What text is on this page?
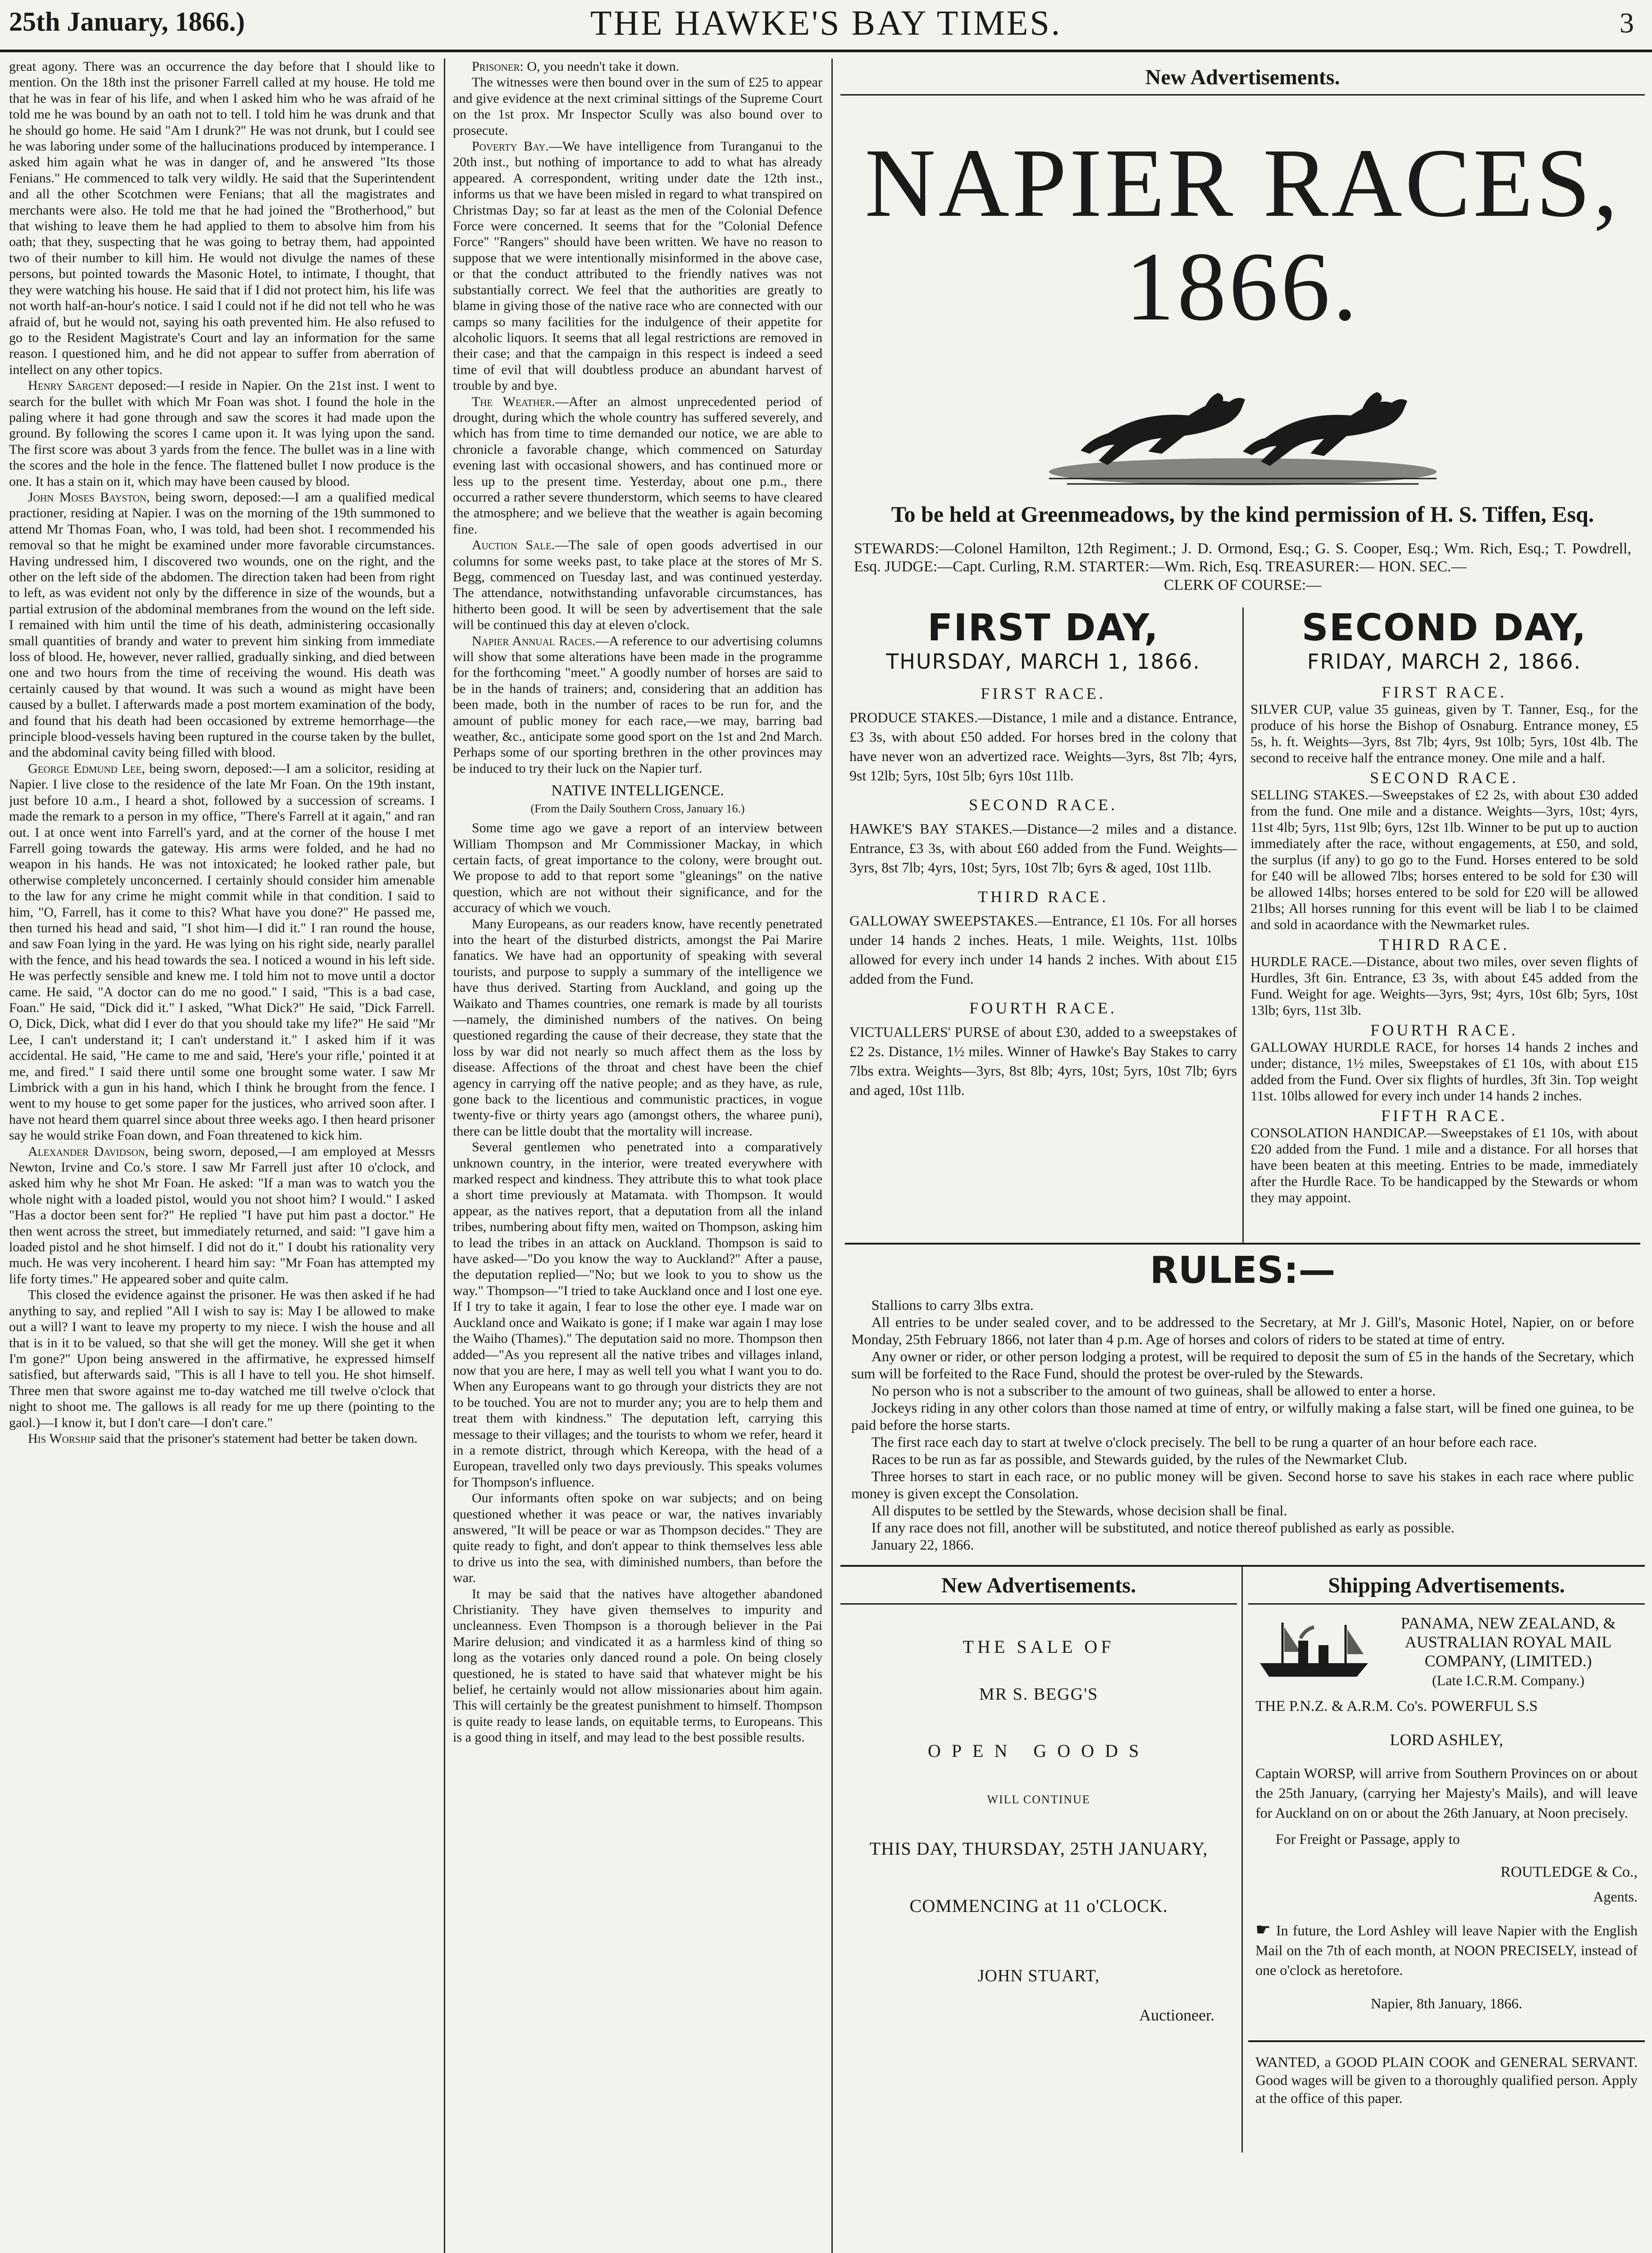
25th January, 1866.)	THE HAWKE'S BAY TIMES.	3

great agony. There was an occurrence the day before that I should like to mention. On the 18th inst the prisoner Farrell called at my house. He told me that he was in fear of his life, and when I asked him who he was afraid of he told me he was bound by an oath not to tell. I told him he was drunk and that he should go home. He said "Am I drunk?" He was not drunk, but I could see he was laboring under some of the hallucinations produced by intemperance. I asked him again what he was in danger of, and he answered "Its those Fenians." He commenced to talk very wildly. He said that the Superintendent and all the other Scotchmen were Fenians; that all the magistrates and merchants were also. He told me that he had joined the "Brotherhood," but that wishing to leave them he had applied to them to absolve him from his oath; that they, suspecting that he was going to betray them, had appointed two of their number to kill him. He would not divulge the names of these persons, but pointed towards the Masonic Hotel, to intimate, I thought, that they were watching his house. He said that if I did not protect him, his life was not worth half-an-hour's notice. I said I could not if he did not tell who he was afraid of, but he would not, saying his oath prevented him. He also refused to go to the Resident Magistrate's Court and lay an information for the same reason. I questioned him, and he did not appear to suffer from aberration of intellect on any other topics.

Henry Sargent deposed:—I reside in Napier. On the 21st inst. I went to search for the bullet with which Mr Foan was shot. I found the hole in the paling where it had gone through and saw the scores it had made upon the ground. By following the scores I came upon it. It was lying upon the sand. The first score was about 3 yards from the fence. The bullet was in a line with the scores and the hole in the fence. The flattened bullet I now produce is the one. It has a stain on it, which may have been caused by blood.

John Moses Bayston, being sworn, deposed:—I am a qualified medical practioner, residing at Napier. I was on the morning of the 19th summoned to attend Mr Thomas Foan, who, I was told, had been shot. I recommended his removal so that he might be examined under more favorable circumstances. Having undressed him, I discovered two wounds, one on the right, and the other on the left side of the abdomen. The direction taken had been from right to left, as was evident not only by the difference in size of the wounds, but a partial extrusion of the abdominal membranes from the wound on the left side. I remained with him until the time of his death, administering occasionally small quantities of brandy and water to prevent him sinking from immediate loss of blood. He, however, never rallied, gradually sinking, and died between one and two hours from the time of receiving the wound. His death was certainly caused by that wound. It was such a wound as might have been caused by a bullet. I afterwards made a post mortem examination of the body, and found that his death had been occasioned by extreme hemorrhage—the principle blood-vessels having been ruptured in the course taken by the bullet, and the abdominal cavity being filled with blood.

George Edmund Lee, being sworn, deposed:—I am a solicitor, residing at Napier. I live close to the residence of the late Mr Foan. On the 19th instant, just before 10 a.m., I heard a shot, followed by a succession of screams. I made the remark to a person in my office, "There's Farrell at it again," and ran out. I at once went into Farrell's yard, and at the corner of the house I met Farrell going towards the gateway. His arms were folded, and he had no weapon in his hands. He was not intoxicated; he looked rather pale, but otherwise completely unconcerned. I certainly should consider him amenable to the law for any crime he might commit while in that condition. I said to him, "O, Farrell, has it come to this? What have you done?" He passed me, then turned his head and said, "I shot him—I did it." I ran round the house, and saw Foan lying in the yard. He was lying on his right side, nearly parallel with the fence, and his head towards the sea. I noticed a wound in his left side. He was perfectly sensible and knew me. I told him not to move until a doctor came. He said, "A doctor can do me no good." I said, "This is a bad case, Foan." He said, "Dick did it." I asked, "What Dick?" He said, "Dick Farrell. O, Dick, Dick, what did I ever do that you should take my life?" He said "Mr Lee, I can't understand it; I can't understand it." I asked him if it was accidental. He said, "He came to me and said, 'Here's your rifle,' pointed it at me, and fired." I said there until some one brought some water. I saw Mr Limbrick with a gun in his hand, which I think he brought from the fence. I went to my house to get some paper for the justices, who arrived soon after. I have not heard them quarrel since about three weeks ago. I then heard prisoner say he would strike Foan down, and Foan threatened to kick him.

Alexander Davidson, being sworn, deposed,—I am employed at Messrs Newton, Irvine and Co.'s store. I saw Mr Farrell just after 10 o'clock, and asked him why he shot Mr Foan. He asked: "If a man was to watch you the whole night with a loaded pistol, would you not shoot him? I would." I asked "Has a doctor been sent for?" He replied "I have put him past a doctor." He then went across the street, but immediately returned, and said: "I gave him a loaded pistol and he shot himself. I did not do it." I doubt his rationality very much. He was very incoherent. I heard him say: "Mr Foan has attempted my life forty times." He appeared sober and quite calm.

This closed the evidence against the prisoner. He was then asked if he had anything to say, and replied "All I wish to say is: May I be allowed to make out a will? I want to leave my property to my niece. I wish the house and all that is in it to be valued, so that she will get the money. Will she get it when I'm gone?" Upon being answered in the affirmative, he expressed himself satisfied, but afterwards said, "This is all I have to tell you. He shot himself. Three men that swore against me to-day watched me till twelve o'clock that night to shoot me. The gallows is all ready for me up there (pointing to the gaol.)—I know it, but I don't care—I don't care."

His Worship said that the prisoner's statement had better be taken down.

Prisoner: O, you needn't take it down.

The witnesses were then bound over in the sum of £25 to appear and give evidence at the next criminal sittings of the Supreme Court on the 1st prox. Mr Inspector Scully was also bound over to prosecute.

Poverty Bay.—We have intelligence from Turanganui to the 20th inst., but nothing of importance to add to what has already appeared. A correspondent, writing under date the 12th inst., informs us that we have been misled in regard to what transpired on Christmas Day; so far at least as the men of the Colonial Defence Force were concerned. It seems that for the "Colonial Defence Force" "Rangers" should have been written. We have no reason to suppose that we were intentionally misinformed in the above case, or that the conduct attributed to the friendly natives was not substantially correct. We feel that the authorities are greatly to blame in giving those of the native race who are connected with our camps so many facilities for the indulgence of their appetite for alcoholic liquors. It seems that all legal restrictions are removed in their case; and that the campaign in this respect is indeed a seed time of evil that will doubtless produce an abundant harvest of trouble by and bye.

The Weather.—After an almost unprecedented period of drought, during which the whole country has suffered severely, and which has from time to time demanded our notice, we are able to chronicle a favorable change, which commenced on Saturday evening last with occasional showers, and has continued more or less up to the present time. Yesterday, about one p.m., there occurred a rather severe thunderstorm, which seems to have cleared the atmosphere; and we believe that the weather is again becoming fine.

Auction Sale.—The sale of open goods advertised in our columns for some weeks past, to take place at the stores of Mr S. Begg, commenced on Tuesday last, and was continued yesterday. The attendance, notwithstanding unfavorable circumstances, has hitherto been good. It will be seen by advertisement that the sale will be continued this day at eleven o'clock.

Napier Annual Races.—A reference to our advertising columns will show that some alterations have been made in the programme for the forthcoming "meet." A goodly number of horses are said to be in the hands of trainers; and, considering that an addition has been made, both in the number of races to be run for, and the amount of public money for each race,—we may, barring bad weather, &c., anticipate some good sport on the 1st and 2nd March. Perhaps some of our sporting brethren in the other provinces may be induced to try their luck on the Napier turf.

NATIVE INTELLIGENCE.
(From the Daily Southern Cross, January 16.)

Some time ago we gave a report of an interview between William Thompson and Mr Commissioner Mackay, in which certain facts, of great importance to the colony, were brought out. We propose to add to that report some "gleanings" on the native question, which are not without their significance, and for the accuracy of which we vouch.

Many Europeans, as our readers know, have recently penetrated into the heart of the disturbed districts, amongst the Pai Marire fanatics. We have had an opportunity of speaking with several tourists, and purpose to supply a summary of the intelligence we have thus derived. Starting from Auckland, and going up the Waikato and Thames countries, one remark is made by all tourists—namely, the diminished numbers of the natives. On being questioned regarding the cause of their decrease, they state that the loss by war did not nearly so much affect them as the loss by disease. Affections of the throat and chest have been the chief agency in carrying off the native people; and as they have, as rule, gone back to the licentious and communistic practices, in vogue twenty-five or thirty years ago (amongst others, the wharee puni), there can be little doubt that the mortality will increase.

Several gentlemen who penetrated into a comparatively unknown country, in the interior, were treated everywhere with marked respect and kindness. They attribute this to what took place a short time previously at Matamata. with Thompson. It would appear, as the natives report, that a deputation from all the inland tribes, numbering about fifty men, waited on Thompson, asking him to lead the tribes in an attack on Auckland. Thompson is said to have asked—"Do you know the way to Auckland?" After a pause, the deputation replied—"No; but we look to you to show us the way." Thompson—"I tried to take Auckland once and I lost one eye. If I try to take it again, I fear to lose the other eye. I made war on Auckland once and Waikato is gone; if I make war again I may lose the Waiho (Thames)." The deputation said no more. Thompson then added—"As you represent all the native tribes and villages inland, now that you are here, I may as well tell you what I want you to do. When any Europeans want to go through your districts they are not to be touched. You are not to murder any; you are to help them and treat them with kindness." The deputation left, carrying this message to their villages; and the tourists to whom we refer, heard it in a remote district, through which Kereopa, with the head of a European, travelled only two days previously. This speaks volumes for Thompson's influence.

Our informants often spoke on war subjects; and on being questioned whether it was peace or war, the natives invariably answered, "It will be peace or war as Thompson decides." They are quite ready to fight, and don't appear to think themselves less able to drive us into the sea, with diminished numbers, than before the war.

It may be said that the natives have altogether abandoned Christianity. They have given themselves to impurity and uncleanness. Even Thompson is a thorough believer in the Pai Marire delusion; and vindicated it as a harmless kind of thing so long as the votaries only danced round a pole. On being closely questioned, he is stated to have said that whatever might be his belief, he certainly would not allow missionaries about him again. This will certainly be the greatest punishment to himself. Thompson is quite ready to lease lands, on equitable terms, to Europeans. This is a good thing in itself, and may lead to the best possible results.

New Advertisements.
NAPIER RACES, 1866.
To be held at Greenmeadows, by the kind permission of H. S. Tiffen, Esq.
STEWARDS:—Colonel Hamilton, 12th Regiment.; J. D. Ormond, Esq.; G. S. Cooper, Esq.; Wm. Rich, Esq.; T. Powdrell, Esq. JUDGE:—Capt. Curling, R.M. STARTER:—Wm. Rich, Esq. TREASURER:— HON. SEC.—
CLERK OF COURSE:—
FIRST DAY,
THURSDAY, MARCH 1, 1866.
FIRST RACE.

PRODUCE STAKES.—Distance, 1 mile and a distance. Entrance, £3 3s, with about £50 added. For horses bred in the colony that have never won an advertized race. Weights—3yrs, 8st 7lb; 4yrs, 9st 12lb; 5yrs, 10st 5lb; 6yrs 10st 11lb.

SECOND RACE.

HAWKE'S BAY STAKES.—Distance—2 miles and a distance. Entrance, £3 3s, with about £60 added from the Fund. Weights—3yrs, 8st 7lb; 4yrs, 10st; 5yrs, 10st 7lb; 6yrs & aged, 10st 11lb.

THIRD RACE.

GALLOWAY SWEEPSTAKES.—Entrance, £1 10s. For all horses under 14 hands 2 inches. Heats, 1 mile. Weights, 11st. 10lbs allowed for every inch under 14 hands 2 inches. With about £15 added from the Fund.

FOURTH RACE.

VICTUALLERS' PURSE of about £30, added to a sweepstakes of £2 2s. Distance, 1½ miles. Winner of Hawke's Bay Stakes to carry 7lbs extra. Weights—3yrs, 8st 8lb; 4yrs, 10st; 5yrs, 10st 7lb; 6yrs and aged, 10st 11lb.

SECOND DAY,
FRIDAY, MARCH 2, 1866.
FIRST RACE.

SILVER CUP, value 35 guineas, given by T. Tanner, Esq., for the produce of his horse the Bishop of Osnaburg. Entrance money, £5 5s, h. ft. Weights—3yrs, 8st 7lb; 4yrs, 9st 10lb; 5yrs, 10st 4lb. The second to receive half the entrance money. One mile and a half.

SECOND RACE.

SELLING STAKES.—Sweepstakes of £2 2s, with about £30 added from the fund. One mile and a distance. Weights—3yrs, 10st; 4yrs, 11st 4lb; 5yrs, 11st 9lb; 6yrs, 12st 1lb. Winner to be put up to auction immediately after the race, without engagements, at £50, and sold, the surplus (if any) to go go to the Fund. Horses entered to be sold for £40 will be allowed 7lbs; horses entered to be sold for £30 will be allowed 14lbs; horses entered to be sold for £20 will be allowed 21lbs; All horses running for this event will be liab l to be claimed and sold in acaordance with the Newmarket rules.

THIRD RACE.

HURDLE RACE.—Distance, about two miles, over seven flights of Hurdles, 3ft 6in. Entrance, £3 3s, with about £45 added from the Fund. Weight for age. Weights—3yrs, 9st; 4yrs, 10st 6lb; 5yrs, 10st 13lb; 6yrs, 11st 3lb.

FOURTH RACE.

GALLOWAY HURDLE RACE, for horses 14 hands 2 inches and under; distance, 1½ miles, Sweepstakes of £1 10s, with about £15 added from the Fund. Over six flights of hurdles, 3ft 3in. Top weight 11st. 10lbs allowed for every inch under 14 hands 2 inches.

FIFTH RACE.

CONSOLATION HANDICAP.—Sweepstakes of £1 10s, with about £20 added from the Fund. 1 mile and a distance. For all horses that have been beaten at this meeting. Entries to be made, immediately after the Hurdle Race. To be handicapped by the Stewards or whom they may appoint.

RULES:—

Stallions to carry 3lbs extra.

All entries to be under sealed cover, and to be addressed to the Secretary, at Mr J. Gill's, Masonic Hotel, Napier, on or before Monday, 25th February 1866, not later than 4 p.m. Age of horses and colors of riders to be stated at time of entry.

Any owner or rider, or other person lodging a protest, will be required to deposit the sum of £5 in the hands of the Secretary, which sum will be forfeited to the Race Fund, should the protest be over-ruled by the Stewards.

No person who is not a subscriber to the amount of two guineas, shall be allowed to enter a horse.

Jockeys riding in any other colors than those named at time of entry, or wilfully making a false start, will be fined one guinea, to be paid before the horse starts.

The first race each day to start at twelve o'clock precisely. The bell to be rung a quarter of an hour before each race.

Races to be run as far as possible, and Stewards guided, by the rules of the Newmarket Club.

Three horses to start in each race, or no public money will be given. Second horse to save his stakes in each race where public money is given except the Consolation.

All disputes to be settled by the Stewards, whose decision shall be final.

If any race does not fill, another will be substituted, and notice thereof published as early as possible.

January 22, 1866.

New Advertisements.

THE SALE OF

MR S. BEGG'S

OPEN GOODS

WILL CONTINUE

THIS DAY, THURSDAY, 25TH JANUARY,

COMMENCING at 11 o'CLOCK.

JOHN STUART,

Auctioneer.

Shipping Advertisements.

PANAMA, NEW ZEALAND, & AUSTRALIAN ROYAL MAIL COMPANY, (LIMITED.)

(Late I.C.R.M. Company.)

THE P.N.Z. & A.R.M. Co's. POWERFUL S.S

LORD ASHLEY,

Captain WORSP, will arrive from Southern Provinces on or about the 25th January, (carrying her Majesty's Mails), and will leave for Auckland on on or about the 26th January, at Noon precisely.

For Freight or Passage, apply to

ROUTLEDGE & Co.,

Agents.

☛ In future, the Lord Ashley will leave Napier with the English Mail on the 7th of each month, at NOON PRECISELY, instead of one o'clock as heretofore.

Napier, 8th January, 1866.

WANTED, a GOOD PLAIN COOK and GENERAL SERVANT. Good wages will be given to a thoroughly qualified person. Apply at the office of this paper.
